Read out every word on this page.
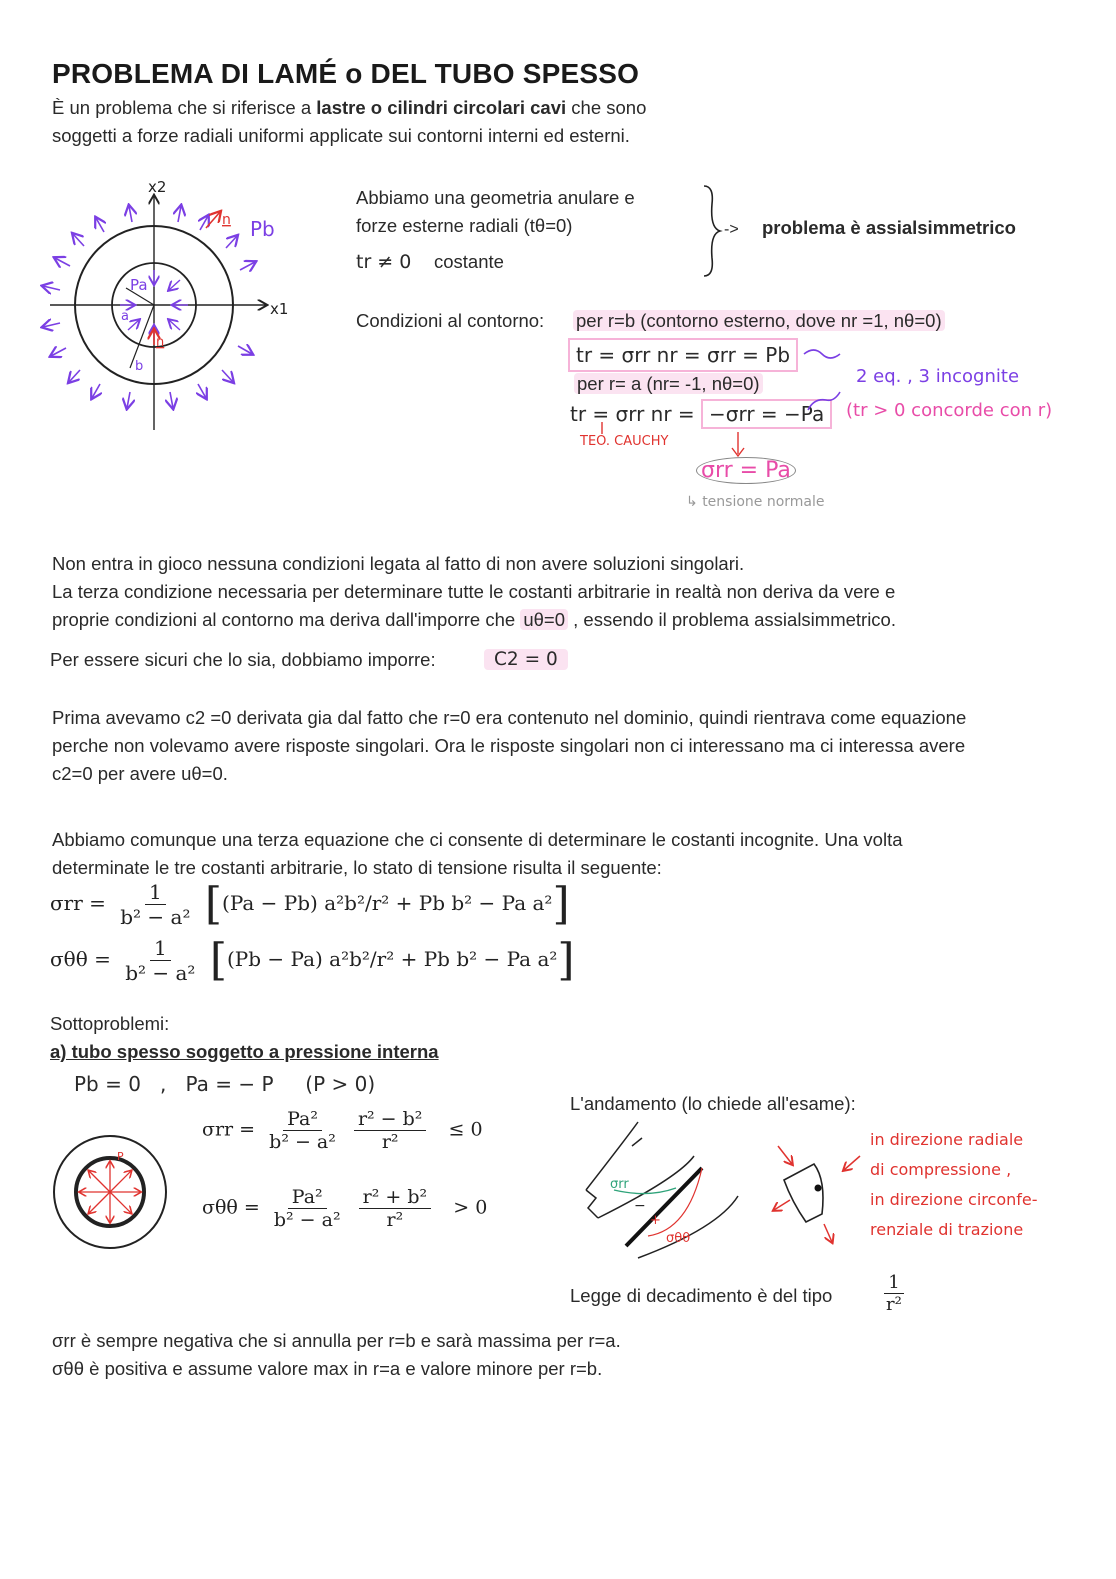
PROBLEMA DI LAMÉ o DEL TUBO SPESSO
È un problema che si riferisce a lastre o cilindri circolari cavi che sono
soggetti a forze radiali uniformi applicate sui contorni interni ed esterni.
x2
x1
n Pb
Pa
n
a
b
Abbiamo una geometria anulare e
forze esterne radiali (tθ=0)
tr ≠ 0 costante
-> problema è assialsimmetrico
Condizioni al contorno: per r=b (contorno esterno, dove nr =1, nθ=0)
tr = σrr nr = σrr = Pb
per r= a (nr= -1, nθ=0)
tr = σrr nr = −σrr = −Pa
TEO. CAUCHY
σrr = Pa
↳ tensione normale
2 eq. , 3 incognite
(tr > 0 concorde con r)
Non entra in gioco nessuna condizioni legata al fatto di non avere soluzioni singolari.
La terza condizione necessaria per determinare tutte le costanti arbitrarie in realtà non deriva da vere e
proprie condizioni al contorno ma deriva dall'imporre che uθ=0 , essendo il problema assialsimmetrico.
Per essere sicuri che lo sia, dobbiamo imporre:	C2 = 0
Prima avevamo c2 =0 derivata gia dal fatto che r=0 era contenuto nel dominio, quindi rientrava come equazione
perche non volevamo avere risposte singolari. Ora le risposte singolari non ci interessano ma ci interessa avere
c2=0 per avere uθ=0.
Abbiamo comunque una terza equazione che ci consente di determinare le costanti incognite. Una volta
determinate le tre costanti arbitrarie, lo stato di tensione risulta il seguente:
$\sigma rr = \frac{1}{\text{b² − a²}} [(Pa - Pb) a^2b^2/r^2 + Pb$ b² − Pa a²]
$\sigma\theta\theta = \frac{1}{\text{b² − a²}} [(Pb - Pa) a^2b^2/r^2 + Pb$ b² − Pa a²]
Sottoproblemi:
a) tubo spesso soggetto a pressione interna
Pb = 0   ,   Pa = − P     (P > 0)
P
$\sigma rr = \frac{\text{Pa²}}{\text{b² − a²}}$
$\frac{\text{r² − b²}}{\text{r²}} \le 0$
$\sigma\theta\theta = \frac{\text{Pa²}}{\text{b² − a²}}$
$\frac{\text{r² + b²}}{\text{r²}} > 0$
L'andamento (lo chiede all'esame):
σrr
−
+
σθθ
in direzione radiale
di compressione ,
in direzione circonfe-
renziale di trazione
Legge di decadimento è del tipo	$\frac{1}{\text{r²}}$
σrr è sempre negativa che si annulla per r=b e sarà massima per r=a.
σθθ è positiva e assume valore max in r=a e valore minore per r=b.
